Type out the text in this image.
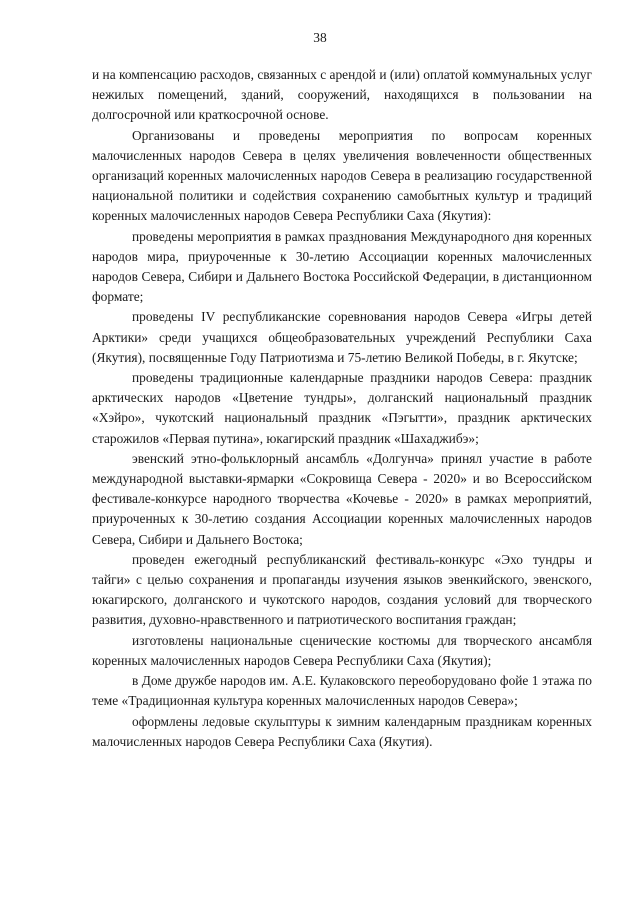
38

и на компенсацию расходов, связанных с арендой и (или) оплатой коммунальных услуг нежилых помещений, зданий, сооружений, находящихся в пользовании на долгосрочной или краткосрочной основе.

Организованы и проведены мероприятия по вопросам коренных малочисленных народов Севера в целях увеличения вовлеченности общественных организаций коренных малочисленных народов Севера в реализацию государственной национальной политики и содействия сохранению самобытных культур и традиций коренных малочисленных народов Севера Республики Саха (Якутия):

проведены мероприятия в рамках празднования Международного дня коренных народов мира, приуроченные к 30-летию Ассоциации коренных малочисленных народов Севера, Сибири и Дальнего Востока Российской Федерации, в дистанционном формате;

проведены IV республиканские соревнования народов Севера «Игры детей Арктики» среди учащихся общеобразовательных учреждений Республики Саха (Якутия), посвященные Году Патриотизма и 75-летию Великой Победы, в г. Якутске;

проведены традиционные календарные праздники народов Севера: праздник арктических народов «Цветение тундры», долганский национальный праздник «Хэйро», чукотский национальный праздник «Пэгытти», праздник арктических старожилов «Первая путина», юкагирский праздник «Шахаджибэ»;

эвенский этно-фольклорный ансамбль «Долгунча» принял участие в работе международной выставки-ярмарки «Сокровища Севера - 2020» и во Всероссийском фестивале-конкурсе народного творчества «Кочевье - 2020» в рамках мероприятий, приуроченных к 30-летию создания Ассоциации коренных малочисленных народов Севера, Сибири и Дальнего Востока;

проведен ежегодный республиканский фестиваль-конкурс «Эхо тундры и тайги» с целью сохранения и пропаганды изучения языков эвенкийского, эвенского, юкагирского, долганского и чукотского народов, создания условий для творческого развития, духовно-нравственного и патриотического воспитания граждан;

изготовлены национальные сценические костюмы для творческого ансамбля коренных малочисленных народов Севера Республики Саха (Якутия);

в Доме дружбе народов им. А.Е. Кулаковского переоборудовано фойе 1 этажа по теме «Традиционная культура коренных малочисленных народов Севера»;

оформлены ледовые скульптуры к зимним календарным праздникам коренных малочисленных народов Севера Республики Саха (Якутия).
